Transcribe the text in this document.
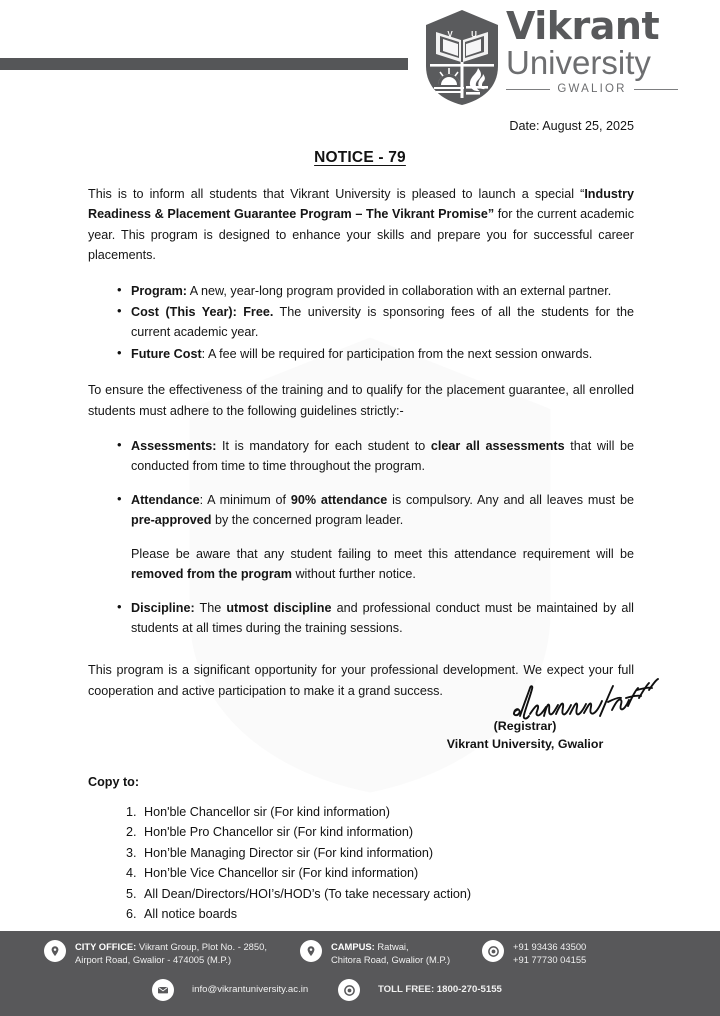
V U Vikrant
University
GWALIOR
Date: August 25, 2025
NOTICE - 79

This is to inform all students that Vikrant University is pleased to launch a special “Industry Readiness & Placement Guarantee Program – The Vikrant Promise” for the current academic year. This program is designed to enhance your skills and prepare you for successful career placements.

• Program: A new, year-long program provided in collaboration with an external partner.
• Cost (This Year): Free. The university is sponsoring fees of all the students for the current academic year.
• Future Cost: A fee will be required for participation from the next session onwards.

To ensure the effectiveness of the training and to qualify for the placement guarantee, all enrolled students must adhere to the following guidelines strictly:-

• Assessments: It is mandatory for each student to clear all assessments that will be conducted from time to time throughout the program.
• Attendance: A minimum of 90% attendance is compulsory. Any and all leaves must be pre-approved by the concerned program leader.
Please be aware that any student failing to meet this attendance requirement will be removed from the program without further notice.
• Discipline: The utmost discipline and professional conduct must be maintained by all students at all times during the training sessions.

This program is a significant opportunity for your professional development. We expect your full cooperation and active participation to make it a grand success.

(Registrar)
Vikrant University, Gwalior
Copy to:
1. Hon'ble Chancellor sir (For kind information)
2. Hon'ble Pro Chancellor sir (For kind information)
3. Hon’ble Managing Director sir (For kind information)
4. Hon’ble Vice Chancellor sir (For kind information)
5. All Dean/Directors/HOI’s/HOD’s (To take necessary action)
6. All notice boards
CITY OFFICE: Vikrant Group, Plot No. - 2850,
Airport Road, Gwalior - 474005 (M.P.)
CAMPUS: Ratwai,
Chitora Road, Gwalior (M.P.)
+91 93436 43500
+91 77730 04155
info@vikrantuniversity.ac.in	TOLL FREE: 1800-270-5155
